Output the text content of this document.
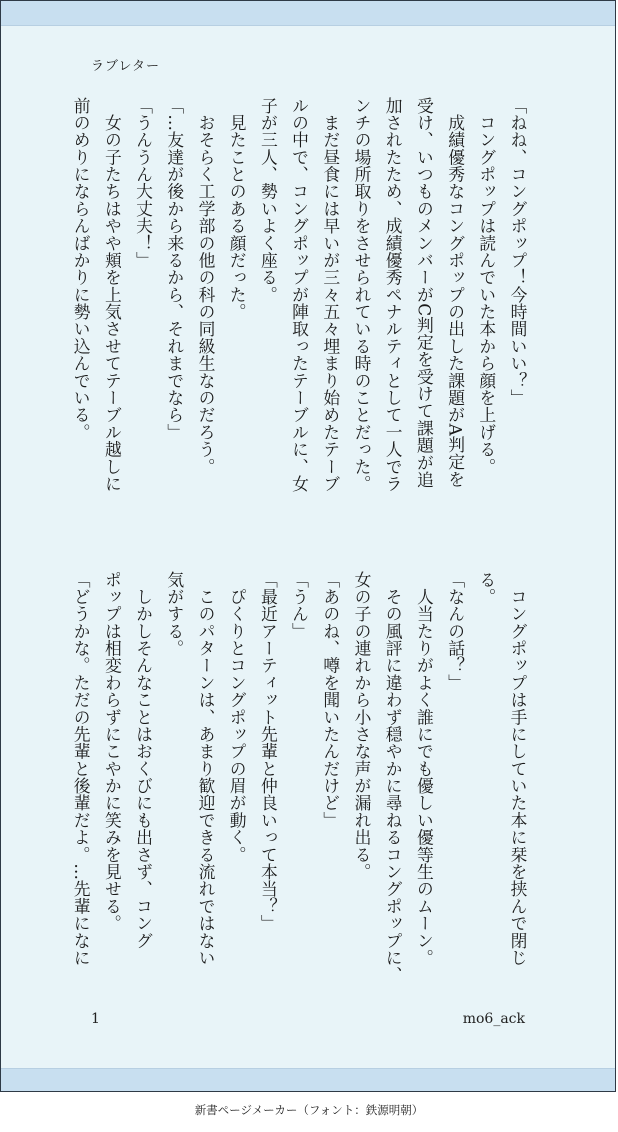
ラブレター
「ねね、コングポップ！今時間いい？」
　コングポップは読んでいた本から顔を上げる。
　成績優秀なコングポップの出した課題がA判定を
受け、いつものメンバーがC判定を受けて課題が追
加されたため、成績優秀ペナルティとして一人でラ
ンチの場所取りをさせられている時のことだった。
　まだ昼食には早いが三々五々埋まり始めたテーブ
ルの中で、コングポップが陣取ったテーブルに、女
子が三人、勢いよく座る。
　見たことのある顔だった。
　おそらく工学部の他の科の同級生なのだろう。
「…友達が後から来るから、それまでなら」
「うんうん大丈夫！」
　女の子たちはやや頬を上気させてテーブル越しに
前のめりにならんばかりに勢い込んでいる。
　コングポップは手にしていた本に栞を挟んで閉じ
る。
「なんの話？」
　人当たりがよく誰にでも優しい優等生のムーン。
　その風評に違わず穏やかに尋ねるコングポップに、
女の子の連れから小さな声が漏れ出る。
「あのね、噂を聞いたんだけど」
「うん」
「最近アーティット先輩と仲良いって本当？」
　ぴくりとコングポップの眉が動く。
　このパターンは、あまり歓迎できる流れではない
気がする。
　しかしそんなことはおくびにも出さず、コング
ポップは相変わらずにこやかに笑みを見せる。
「どうかな。ただの先輩と後輩だよ。…先輩になに
1	mo6_ack
新書ページメーカー（フォント：鉄源明朝）
